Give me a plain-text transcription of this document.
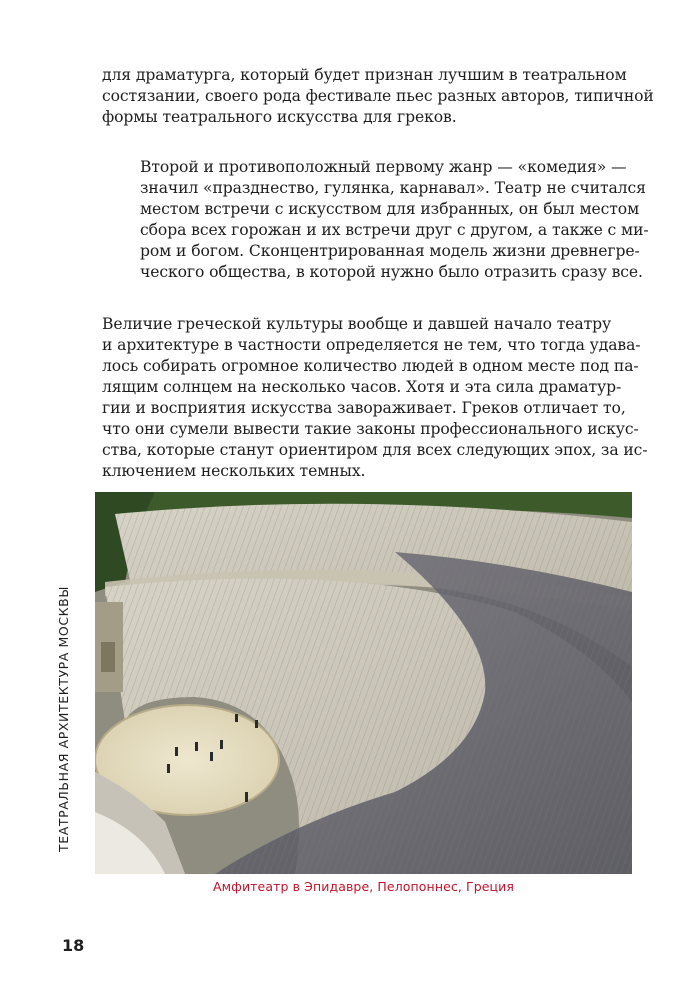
для драматурга, который будет признан лучшим в театральном
состязании, своего рода фестивале пьес разных авторов, типичной
формы театрального искусства для греков.

Второй и противоположный первому жанр — «комедия» —
значил «празднество, гулянка, карнавал». Театр не считался
местом встречи с искусством для избранных, он был местом
сбора всех горожан и их встречи друг с другом, а также с ми-
ром и богом. Сконцентрированная модель жизни древнегре-
ческого общества, в которой нужно было отразить сразу все.

Величие греческой культуры вообще и давшей начало театру
и архитектуре в частности определяется не тем, что тогда удава-
лось собирать огромное количество людей в одном месте под па-
лящим солнцем на несколько часов. Хотя и эта сила драматур-
гии и восприятия искусства завораживает. Греков отличает то,
что они сумели вывести такие законы профессионального искус-
ства, которые станут ориентиром для всех следующих эпох, за ис-
ключением нескольких темных.

Амфитеатр в Эпидавре, Пелопоннес, Греция
ТЕАТРАЛЬНАЯ АРХИТЕКТУРА МОСКВЫ
18
